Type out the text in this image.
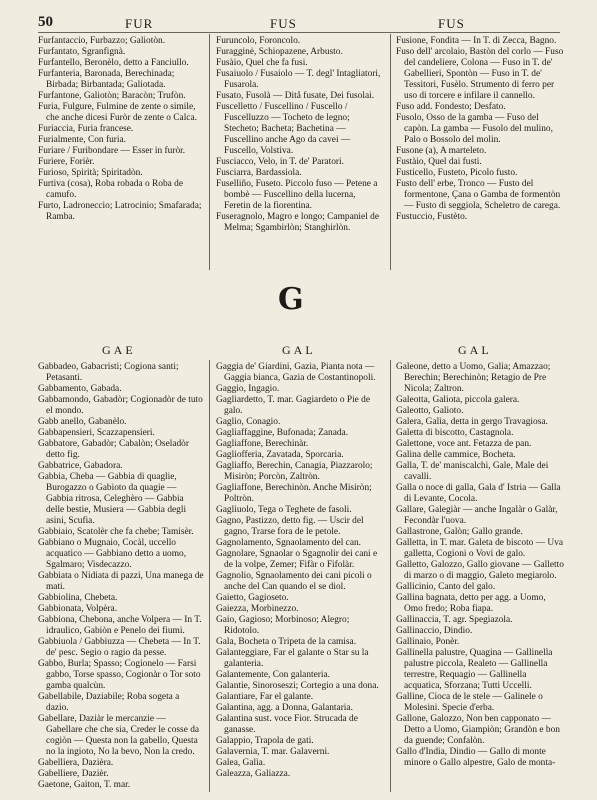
50	FUR	FUS	FUS

Furfantaccio, Furbazzo; Galiotòn.

Furfantato, Sgranfignà.

Furfantello, Beronèlo, detto a Fanciullo.

Furfanteria, Baronada, Berechinada; Birbada; Birbantada; Galiotada.

Furfantone, Galiotòn; Baracòn; Trufòn.

Furia, Fulgure, Fulmine de zente o simile, che anche dicesi Furòr de zente o Calca.

Furiaccia, Furia francese.

Furialmente, Con furia.

Furiare / Furibondare — Esser in furòr.

Furiere, Forièr.

Furioso, Spirità; Spiritadòn.

Furtiva (cosa), Roba robada o Roba de camufo.

Furto, Ladroneccio; Latrocinio; Smafarada; Ramba.

Furuncolo, Foroncolo.

Furagginė, Schiopazene, Arbusto.

Fusàio, Quel che fa fusi.

Fusaiuolo / Fusaiolo — T. degl' Intagliatori, Fusarola.

Fusato, Fusolà — Ditå fusate, Dei fusolai.

Fuscelletto / Fuscellino / Fuscello / Fuscelluzzo — Tocheto de legno; Stecheto; Bacheta; Bachetina — Fuscellino anche Ago da cavei — Fuscello, Volstiva.

Fusciacco, Velo, in T. de' Paratori.

Fusciarra, Bardassiola.

Fuselliño, Fuseto. Piccolo fuso — Petene a bombè — Fuscellino della lucerna, Feretin de la fiorentina.

Fuseragnolo, Magro e longo; Campaniel de Melma; Sgambirlòn; Stanghirlòn.

Fusione, Fondita — In T. di Zecca, Bagno.

Fuso dell' arcolaio, Bastòn del corlo — Fuso del candeliere, Colona — Fuso in T. de' Gabellieri, Spontòn — Fuso in T. de' Tessitori, Fusèlo. Strumento di ferro per uso di torcere e infilare il cannello.

Fuso add. Fondesto; Desfato.

Fusolo, Osso de la gamba — Fuso del capòn. La gamba — Fusolo del mulino, Palo o Bossolo del molin.

Fusone (a), A marteleto.

Fustàio, Quel dai fusti.

Fusticello, Fusteto, Picolo fusto.

Fusto dell' erbe, Tronco — Fusto del formentone, Çana o Gamba de formentòn — Fusto di seggiola, Scheletro de carega.

Fustuccio, Fustèto.

G
GAE	GAL	GAL

Gabbadeo, Gabacristi; Cogiona santi; Petasanti.

Gabbamento, Gabada.

Gabbamondo, Gabadòr; Cogionadòr de tuto el mondo.

Gabb anello, Gabanèlo.

Gabbapensieri, Scazzapensieri.

Gabbatore, Gabadòr; Cabalòn; Oseladòr detto fig.

Gabbatrice, Gabadora.

Gabbia, Cheba — Gabbia di quaglie, Burogazzo o Gabioto da quagie — Gabbia ritrosa, Celeghèro — Gabbia delle bestie, Musiera — Gabbia degli asini, Scufia.

Gabbiaio, Scatolèr che fa chebe; Tamisèr.

Gabbiano o Mugnaio, Cocàl, uccello acquatico — Gabbiano detto a uomo, Sgalmaro; Visdecazzo.

Gabbiata o Nidiata di pazzi, Una manega de mati.

Gabbiolina, Chebeta.

Gabbionata, Volpèra.

Gabbiona, Chebona, anche Volpera — In T. idraulico, Gabiòn e Penelo dei fiumi.

Gabbiuola / Gabbiuzza — Chebeta — In T. de' pesc. Segio o ragio da pesse.

Gabbo, Burla; Spasso; Cogionelo — Farsi gabbo, Torse spasso, Cogionàr o Tor soto gamba qualcùn.

Gabellabile, Daziabile; Roba sogeta a dazio.

Gabellare, Daziàr le mercanzie — Gabellare che che sia, Creder le cosse da cogiòn — Questa non la gabello, Questa no la ingioto, No la bevo, Non la credo.

Gabelliera, Dazièra.

Gabelliere, Dazièr.

Gaetone, Gaiton, T. mar.

Gaggia de' Giardini, Gazia, Pianta nota — Gaggia bianca, Gazia de Costantinopoli.

Gaggio, Ingagio.

Gagliardetto, T. mar. Gagiardeto o Pie de galo.

Gaglio, Conagio.

Gagliaffaggine, Bufonada; Zanada.

Gagliaffone, Berechinàr.

Gagliofferia, Zavatada, Sporcaria.

Gagliaffo, Berechin, Canagia, Piazzarolo; Misiròn; Porcòn, Zaltròn.

Gagliaffone, Berechinòn. Anche Misiròn; Poltròn.

Gagliuolo, Tega o Teghete de fasoli.

Gagno, Pastizzo, detto fig. — Uscir del gagno, Trarse fora de le petole.

Gagnolamento, Sgnaolamento del can.

Gagnolare, Sgnaolar o Sgagnolir dei cani e de la volpe, Zemer; Fifàr o Fifolàr.

Gagnolio, Sgnaolamento dei cani picoli o anche del Can quando el se diol.

Gaietto, Gagioseto.

Gaiezza, Morbinezzo.

Gaio, Gagioso; Morbinoso; Alegro; Ridotolo.

Gala, Bocheta o Tripeta de la camisa.

Galanteggiare, Far el galante o Star su la galanteria.

Galantemente, Con galanteria.

Galantie, Sinoroseszi; Cortegio a una dona.

Galantiare, Far el galante.

Galantina, agg. a Donna, Galantaria.

Galantina sust. voce Fior. Strucada de ganasse.

Galappio, Trapola de gati.

Galavernia, T. mar. Galaverni.

Galea, Galìa.

Galeazza, Galiazza.

Galeone, detto a Uomo, Galia; Amazzao; Berechin; Berechinòn; Retagio de Pre Nicola; Zaltron.

Galeotta, Galiota, piccola galera.

Galeotto, Galioto.

Galera, Galìa, detta in gergo Travagiosa.

Galetta di biscotto, Castagnola.

Galettone, voce ant. Fetazza de pan.

Galina delle cammice, Bocheta.

Galla, T. de' maniscalchi, Gale, Male dei cavalli.

Galla o noce di galla, Gala d' Istria — Galla di Levante, Cocola.

Gallare, Galegiàr — anche Ingalàr o Galàr, Fecondàr l'uova.

Gallastrone, Galòn; Gallo grande.

Galletta, in T. mar. Galeta de biscoto — Uva galletta, Cogioni o Vovi de galo.

Galletto, Galozzo, Gallo giovane — Galletto di marzo o di maggio, Galeto megiarolo.

Gallicinio, Canto del galo.

Gallina bagnata, detto per agg. a Uomo, Omo fredo; Roba fiapa.

Gallinaccia, T. agr. Spegiazola.

Gallinaccio, Dindio.

Gallinaio, Ponèr.

Gallinella palustre, Quagina — Gallinella palustre piccola, Realeto — Gallinella terrestre, Requagio — Gallinella acquatica, Sforzana; Tutti Uccelli.

Galline, Cioca de le stele — Galinele o Molesini. Specie d'erba.

Gallone, Galozzo, Non ben capponato — Detto a Uomo, Giampiòn; Grandòn e bon da guende; Confalòn.

Gallo d'India, Dindio — Gallo di monte minore o Gallo alpestre, Galo de monta-
